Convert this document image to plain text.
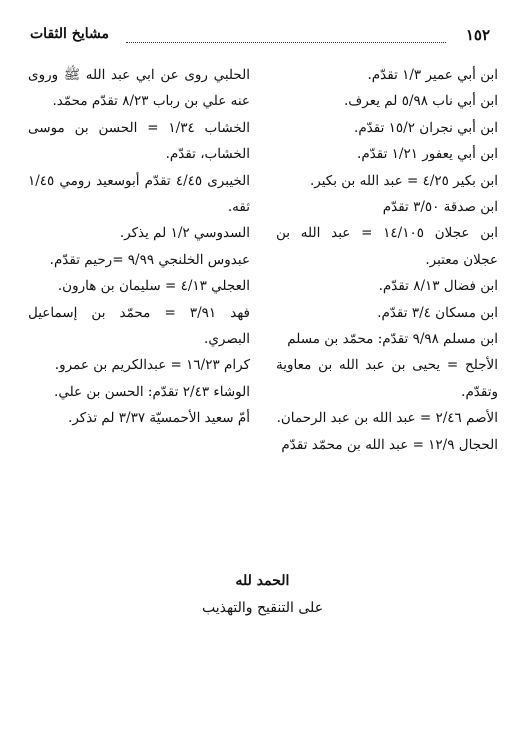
١٥٢
مشايخ الثقات
ابن أبي عمير ١/٣ تقدّم.
ابن أبي ناب ٥/٩٨ لم يعرف.
ابن أبي نجران ١٥/٢ تقدّم.
ابن أبي يعفور ١/٢١ تقدّم.
ابن بكير ٤/٢٥ = عبد الله بن بكير.
ابن صدقة ٣/٥٠ تقدّم
ابن عجلان ١٤/١٠٥ = عبد الله بن عجلان معتبر.
ابن فضال ٨/١٣ تقدّم.
ابن مسكان ٣/٤ تقدّم.
ابن مسلم ٩/٩٨ تقدّم: محمّد بن مسلم
الأجلح = يحيى بن عبد الله بن معاوية وتقدّم.
الأصم ٢/٤٦ = عبد الله بن عبد الرحمان.
الحجال ١٢/٩ = عبد الله بن محمّد تقدّم
الحلبي روى عن ابي عبد الله ﷺ وروى عنه علي بن رباب ٨/٢٣ تقدّم محمّد.
الخشاب ١/٣٤ = الحسن بن موسى الخشاب، تقدّم.
الخيبرى ٤/٤٥ تقدّم أبوسعيد رومي ١/٤٥ ثقه.
السدوسي ١/٢ لم يذكر.
عبدوس الخلنجي ٩/٩٩ =رحيم تقدّم.
العجلي ٤/١٣ = سليمان بن هارون.
فهد ٣/٩١ = محمّد بن إسماعيل البصري.
كرام ١٦/٢٣ = عبدالكريم بن عمرو.
الوشاء ٢/٤٣ تقدّم: الحسن بن علي.
أمّ سعيد الأحمسيّة ٣/٣٧ لم تذكر.
الحمد لله
على التنقيح والتهذيب
